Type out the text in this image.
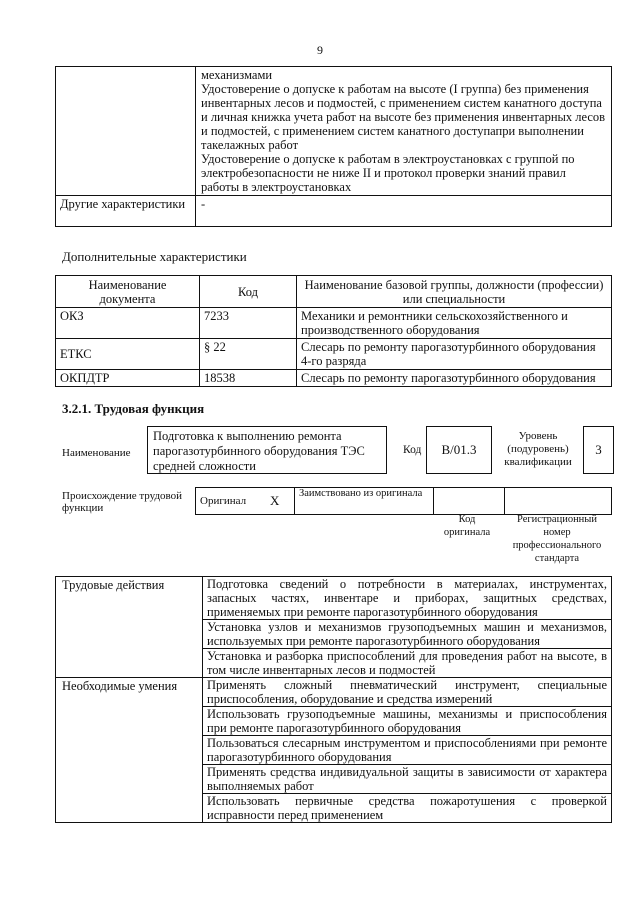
9

	механизмами
Удостоверение о допуске к работам на высоте (I группа) без применения инвентарных лесов и подмостей, с применением систем канатного доступа и личная книжка учета работ на высоте без применения инвентарных лесов и подмостей, с применением систем канатного доступапри выполнении такелажных работ
Удостоверение о допуске к работам в электроустановках с группой по электробезопасности не ниже II и протокол проверки знаний правил работы в электроустановках

Другие характеристики	-
Дополнительные характеристики
Наименование документа	Код	Наименование базовой группы, должности (профессии) или специальности
ОКЗ	7233	Механики и ремонтники сельскохозяйственного и производственного оборудования
ЕТКС	§ 22	Слесарь по ремонту парогазотурбинного оборудования 4-го разряда
ОКПДТР	18538	Слесарь по ремонту парогазотурбинного оборудования
3.2.1. Трудовая функция
Наименование
Подготовка к выполнению ремонта парогазотурбинного оборудования ТЭС средней сложности
Код	В/01.3
Уровень (подуровень) квалификации
3
Происхождение трудовой функции
Оригинал	Х	Заимствовано из оригинала		
Код оригинала
Регистрационный номер профессионального стандарта
Трудовые действия	Подготовка сведений о потребности в материалах, инструментах, запасных частях, инвентаре и приборах, защитных средствах, применяемых при ремонте парогазотурбинного оборудования
	Установка узлов и механизмов грузоподъемных машин и механизмов, используемых при ремонте парогазотурбинного оборудования
	Установка и разборка приспособлений для проведения работ на высоте, в том числе инвентарных лесов и подмостей
Необходимые умения	Применять сложный пневматический инструмент, специальные приспособления, оборудование и средства измерений
	Использовать грузоподъемные машины, механизмы и приспособления при ремонте парогазотурбинного оборудования
	Пользоваться слесарным инструментом и приспособлениями при ремонте парогазотурбинного оборудования
	Применять средства индивидуальной защиты в зависимости от характера выполняемых работ
	Использовать первичные средства пожаротушения с проверкой исправности перед применением
